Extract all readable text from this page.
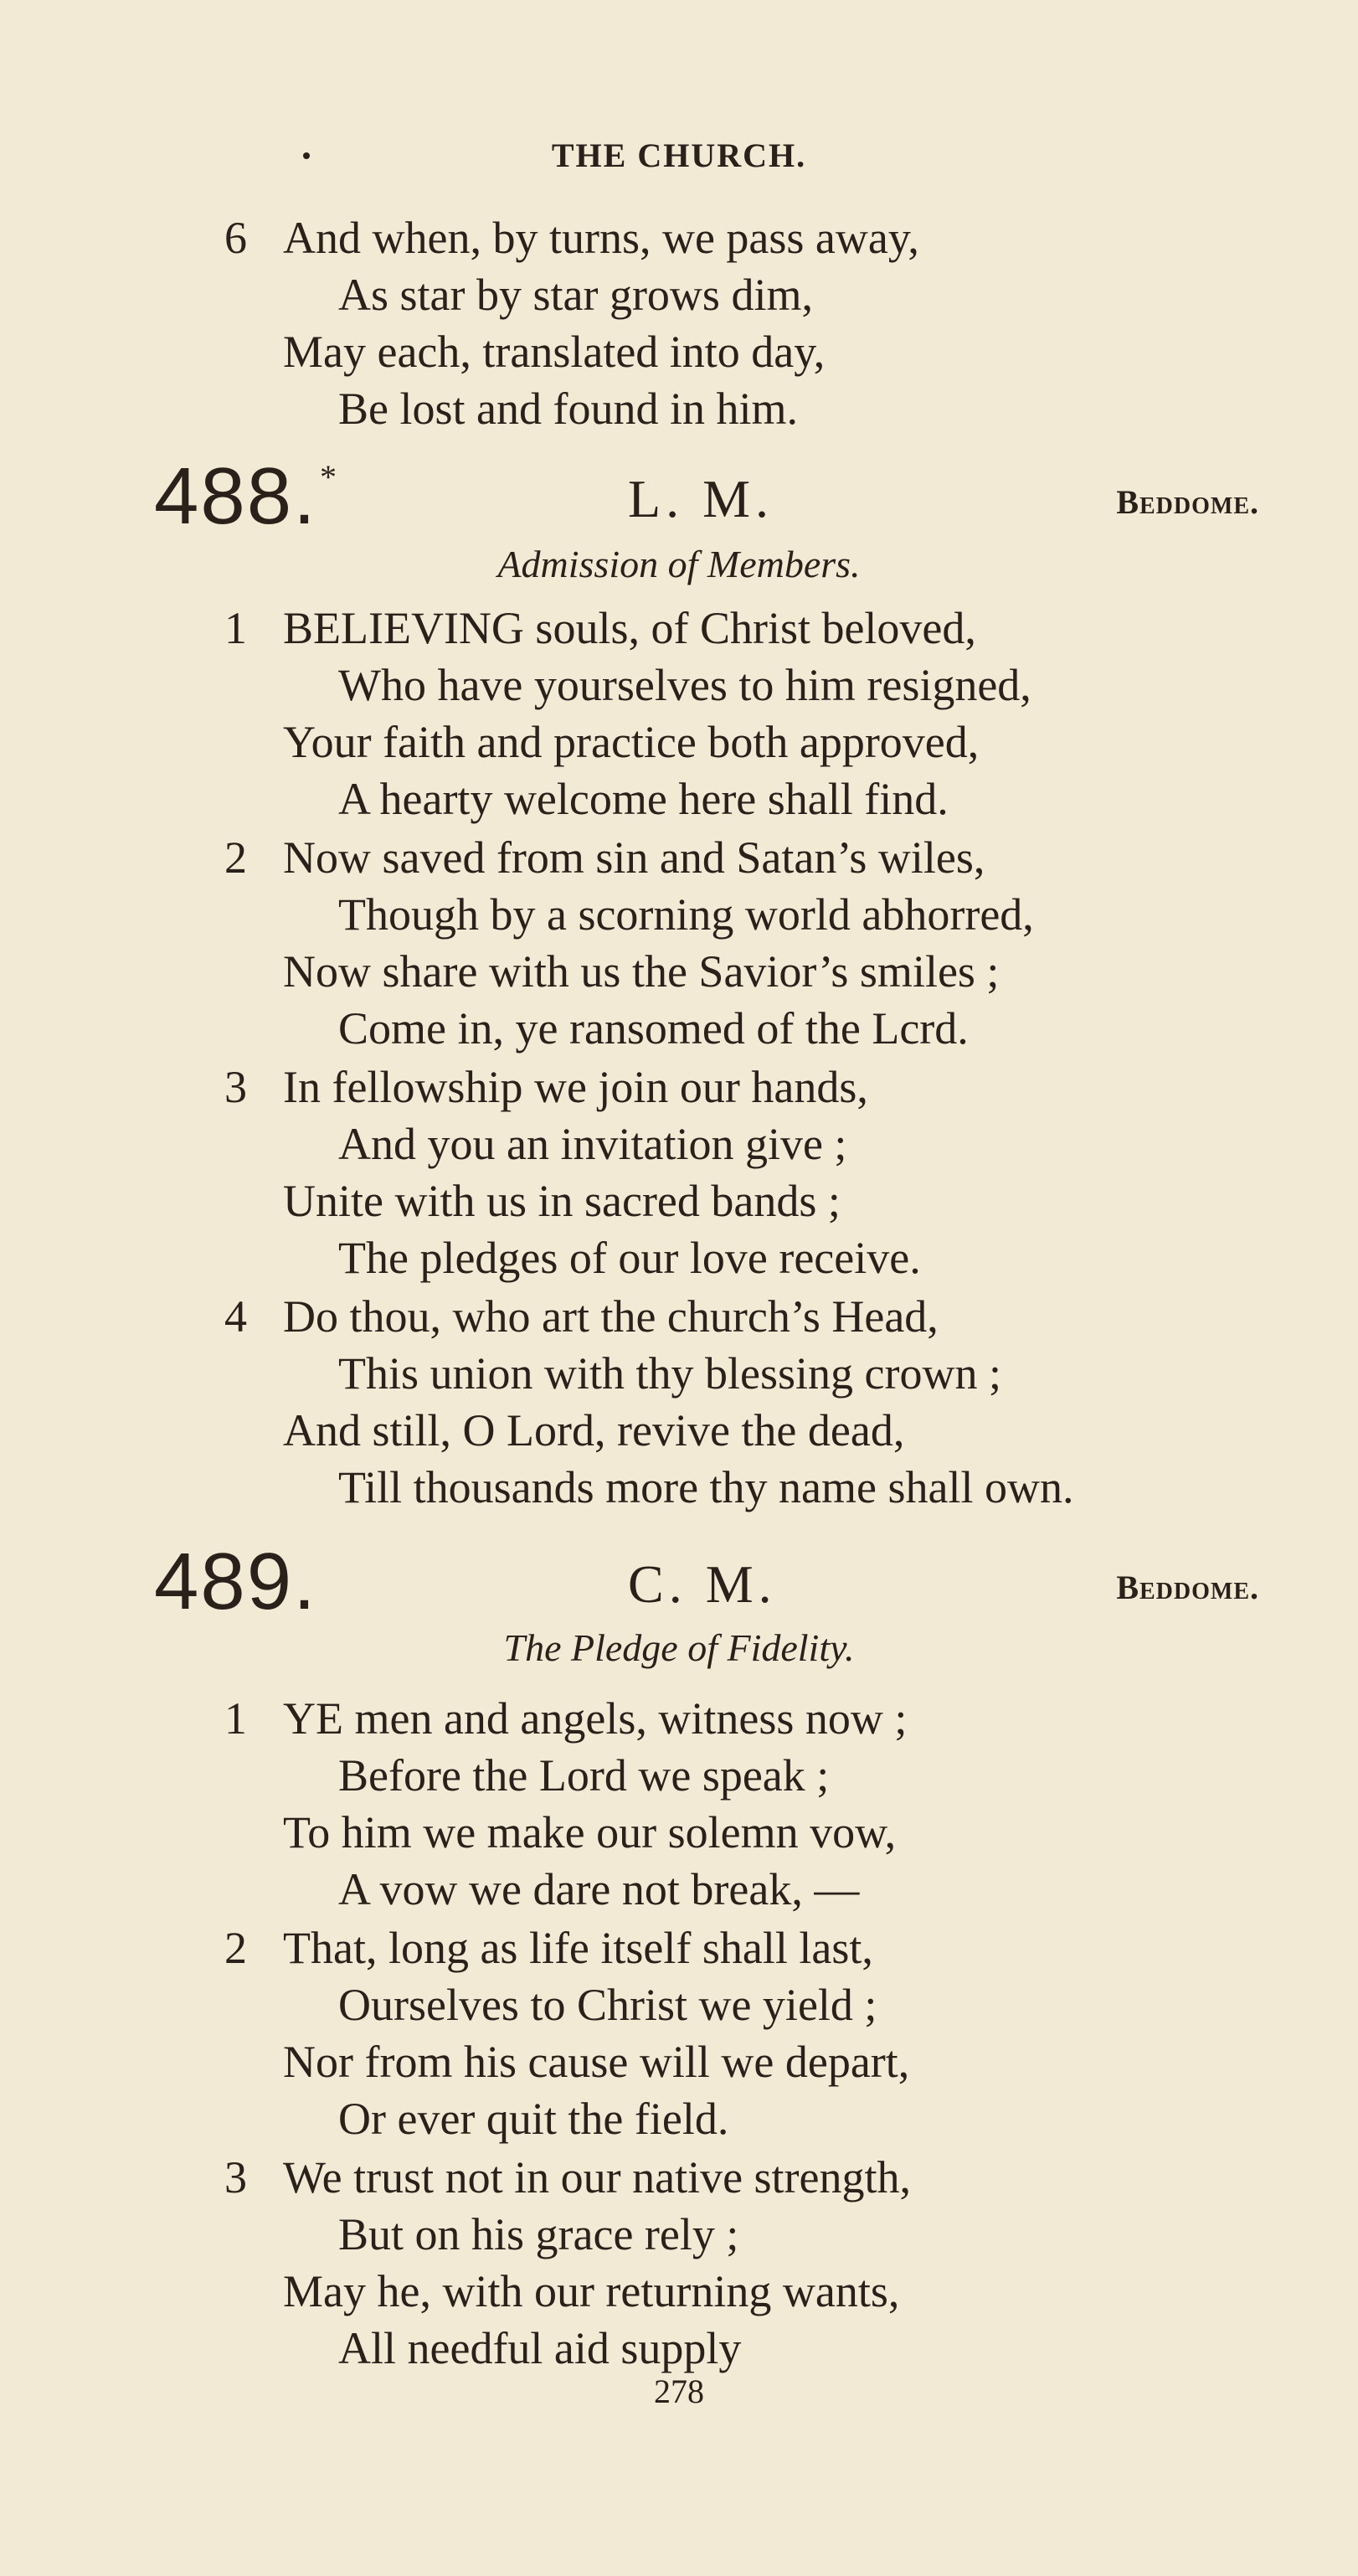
THE CHURCH.
6 And when, by turns, we pass away,
As star by star grows dim,
May each, translated into day,
Be lost and found in him.
488. *	L. M.	Beddome.
Admission of Members.
1 BELIEVING souls, of Christ beloved,
Who have yourselves to him resigned,
Your faith and practice both approved,
A hearty welcome here shall find.
2 Now saved from sin and Satan’s wiles,
Though by a scorning world abhorred,
Now share with us the Savior’s smiles ;
Come in, ye ransomed of the Lcrd.
3 In fellowship we join our hands,
And you an invitation give ;
Unite with us in sacred bands ;
The pledges of our love receive.
4 Do thou, who art the church’s Head,
This union with thy blessing crown ;
And still, O Lord, revive the dead,
Till thousands more thy name shall own.
489.	C. M.	Beddome.
The Pledge of Fidelity.
1 YE men and angels, witness now ;
Before the Lord we speak ;
To him we make our solemn vow,
A vow we dare not break, —
2 That, long as life itself shall last,
Ourselves to Christ we yield ;
Nor from his cause will we depart,
Or ever quit the field.
3 We trust not in our native strength,
But on his grace rely ;
May he, with our returning wants,
All needful aid supply
278
